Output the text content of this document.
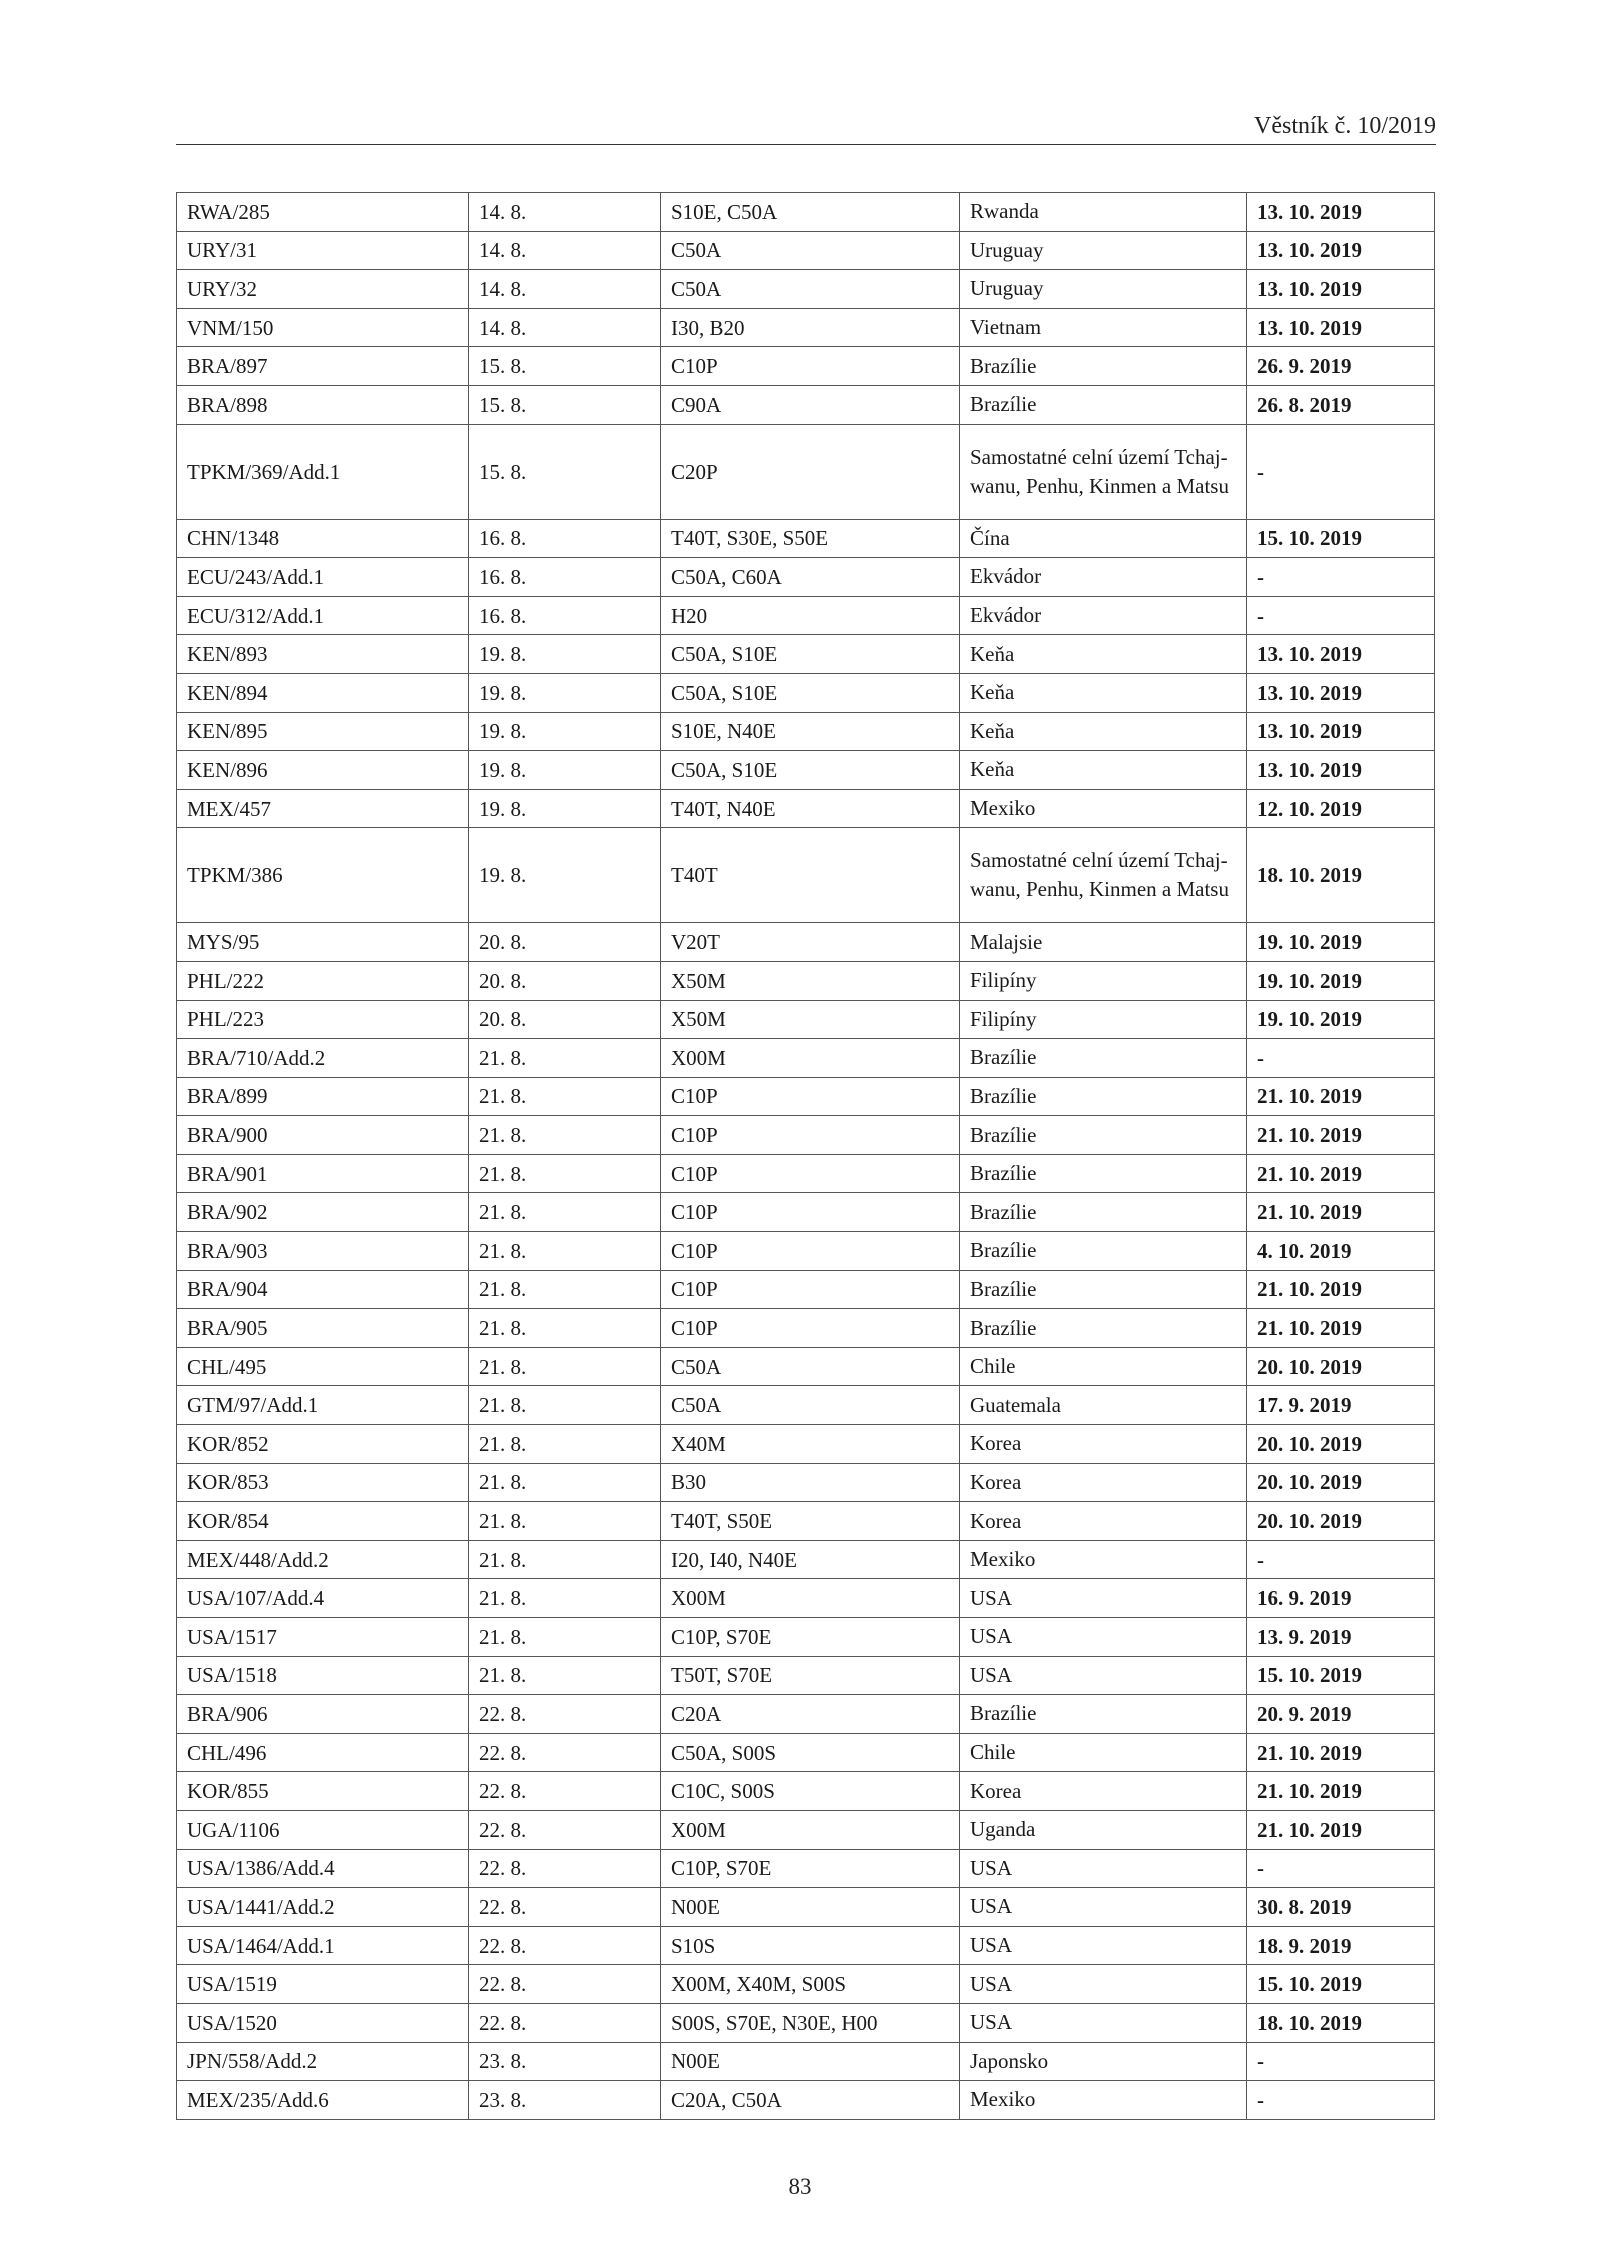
Věstník č. 10/2019
RWA/285	14. 8.	S10E, C50A	Rwanda	13. 10. 2019
URY/31	14. 8.	C50A	Uruguay	13. 10. 2019
URY/32	14. 8.	C50A	Uruguay	13. 10. 2019
VNM/150	14. 8.	I30, B20	Vietnam	13. 10. 2019
BRA/897	15. 8.	C10P	Brazílie	26. 9. 2019
BRA/898	15. 8.	C90A	Brazílie	26. 8. 2019
TPKM/369/Add.1	15. 8.	C20P	Samostatné celní území Tchaj-wanu, Penhu, Kinmen a Matsu	-
CHN/1348	16. 8.	T40T, S30E, S50E	Čína	15. 10. 2019
ECU/243/Add.1	16. 8.	C50A, C60A	Ekvádor	-
ECU/312/Add.1	16. 8.	H20	Ekvádor	-
KEN/893	19. 8.	C50A, S10E	Keňa	13. 10. 2019
KEN/894	19. 8.	C50A, S10E	Keňa	13. 10. 2019
KEN/895	19. 8.	S10E, N40E	Keňa	13. 10. 2019
KEN/896	19. 8.	C50A, S10E	Keňa	13. 10. 2019
MEX/457	19. 8.	T40T, N40E	Mexiko	12. 10. 2019
TPKM/386	19. 8.	T40T	Samostatné celní území Tchaj-wanu, Penhu, Kinmen a Matsu	18. 10. 2019
MYS/95	20. 8.	V20T	Malajsie	19. 10. 2019
PHL/222	20. 8.	X50M	Filipíny	19. 10. 2019
PHL/223	20. 8.	X50M	Filipíny	19. 10. 2019
BRA/710/Add.2	21. 8.	X00M	Brazílie	-
BRA/899	21. 8.	C10P	Brazílie	21. 10. 2019
BRA/900	21. 8.	C10P	Brazílie	21. 10. 2019
BRA/901	21. 8.	C10P	Brazílie	21. 10. 2019
BRA/902	21. 8.	C10P	Brazílie	21. 10. 2019
BRA/903	21. 8.	C10P	Brazílie	4. 10. 2019
BRA/904	21. 8.	C10P	Brazílie	21. 10. 2019
BRA/905	21. 8.	C10P	Brazílie	21. 10. 2019
CHL/495	21. 8.	C50A	Chile	20. 10. 2019
GTM/97/Add.1	21. 8.	C50A	Guatemala	17. 9. 2019
KOR/852	21. 8.	X40M	Korea	20. 10. 2019
KOR/853	21. 8.	B30	Korea	20. 10. 2019
KOR/854	21. 8.	T40T, S50E	Korea	20. 10. 2019
MEX/448/Add.2	21. 8.	I20, I40, N40E	Mexiko	-
USA/107/Add.4	21. 8.	X00M	USA	16. 9. 2019
USA/1517	21. 8.	C10P, S70E	USA	13. 9. 2019
USA/1518	21. 8.	T50T, S70E	USA	15. 10. 2019
BRA/906	22. 8.	C20A	Brazílie	20. 9. 2019
CHL/496	22. 8.	C50A, S00S	Chile	21. 10. 2019
KOR/855	22. 8.	C10C, S00S	Korea	21. 10. 2019
UGA/1106	22. 8.	X00M	Uganda	21. 10. 2019
USA/1386/Add.4	22. 8.	C10P, S70E	USA	-
USA/1441/Add.2	22. 8.	N00E	USA	30. 8. 2019
USA/1464/Add.1	22. 8.	S10S	USA	18. 9. 2019
USA/1519	22. 8.	X00M, X40M, S00S	USA	15. 10. 2019
USA/1520	22. 8.	S00S, S70E, N30E, H00	USA	18. 10. 2019
JPN/558/Add.2	23. 8.	N00E	Japonsko	-
MEX/235/Add.6	23. 8.	C20A, C50A	Mexiko	-
83
